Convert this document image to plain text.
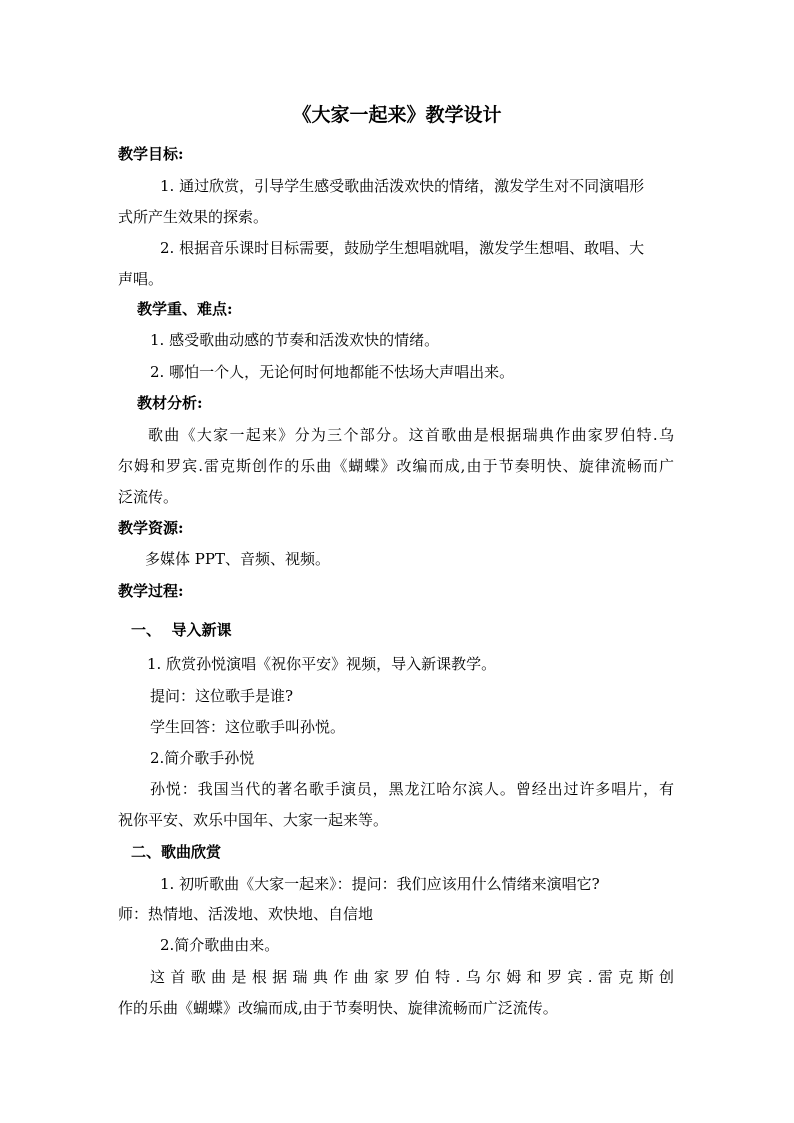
《大家一起来》教学设计
教学目标:
1. 通过欣赏，引导学生感受歌曲活泼欢快的情绪，激发学生对不同演唱形
式所产生效果的探索。
2. 根据音乐课时目标需要，鼓励学生想唱就唱，激发学生想唱、敢唱、大
声唱。
教学重、难点:
1. 感受歌曲动感的节奏和活泼欢快的情绪。
2. 哪怕一个人，无论何时何地都能不怯场大声唱出来。
教材分析:
歌曲《大家一起来》分为三个部分。这首歌曲是根据瑞典作曲家罗伯特.乌
尔姆和罗宾.雷克斯创作的乐曲《蝴蝶》改编而成,由于节奏明快、旋律流畅而广
泛流传。
教学资源:
多媒体 PPT、音频、视频。
教学过程:
一、  导入新课
1. 欣赏孙悦演唱《祝你平安》视频，导入新课教学。
提问：这位歌手是谁?
学生回答：这位歌手叫孙悦。
2.简介歌手孙悦
孙悦：我国当代的著名歌手演员，黑龙江哈尔滨人。曾经出过许多唱片，有
祝你平安、欢乐中国年、大家一起来等。
二、歌曲欣赏
1. 初听歌曲《大家一起来》：提问：我们应该用什么情绪来演唱它?
师：热情地、活泼地、欢快地、自信地
2.简介歌曲由来。
这首歌曲是根据瑞典作曲家罗伯特.乌尔姆和罗宾.雷克斯创
作的乐曲《蝴蝶》改编而成,由于节奏明快、旋律流畅而广泛流传。
